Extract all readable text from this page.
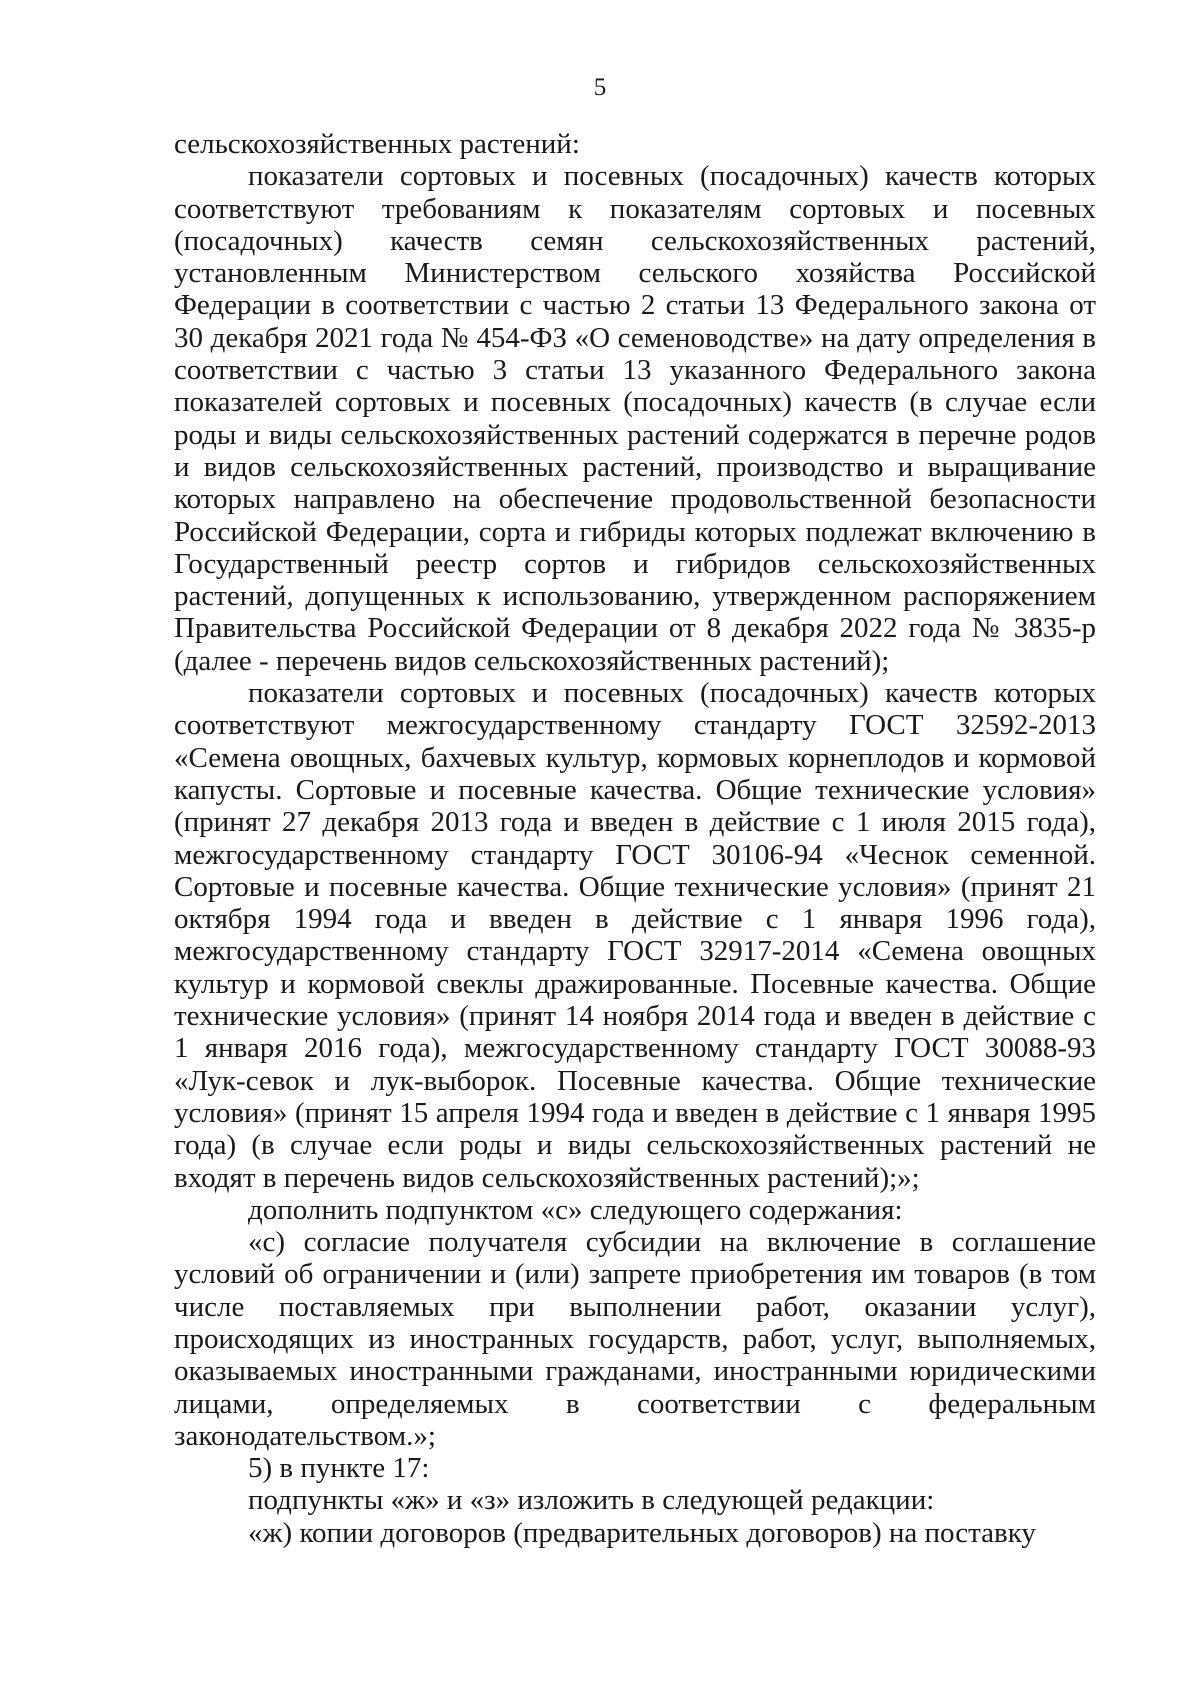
5

сельскохозяйственных растений:

показатели сортовых и посевных (посадочных) качеств которых соответствуют требованиям к показателям сортовых и посевных (посадочных) качеств семян сельскохозяйственных растений, установленным Министерством сельского хозяйства Российской Федерации в соответствии с частью 2 статьи 13 Федерального закона от 30 декабря 2021 года № 454-ФЗ «О семеноводстве» на дату определения в соответствии с частью 3 статьи 13 указанного Федерального закона показателей сортовых и посевных (посадочных) качеств (в случае если роды и виды сельскохозяйственных растений содержатся в перечне родов и видов сельскохозяйственных растений, производство и выращивание которых направлено на обеспечение продовольственной безопасности Российской Федерации, сорта и гибриды которых подлежат включению в Государственный реестр сортов и гибридов сельскохозяйственных растений, допущенных к использованию, утвержденном распоряжением Правительства Российской Федерации от 8 декабря 2022 года № 3835-р (далее - перечень видов сельскохозяйственных растений);

показатели сортовых и посевных (посадочных) качеств которых соответствуют межгосударственному стандарту ГОСТ 32592-2013 «Семена овощных, бахчевых культур, кормовых корнеплодов и кормовой капусты. Сортовые и посевные качества. Общие технические условия» (принят 27 декабря 2013 года и введен в действие с 1 июля 2015 года), межгосударственному стандарту ГОСТ 30106-94 «Чеснок семенной. Сортовые и посевные качества. Общие технические условия» (принят 21 октября 1994 года и введен в действие с 1 января 1996 года), межгосударственному стандарту ГОСТ 32917-2014 «Семена овощных культур и кормовой свеклы дражированные. Посевные качества. Общие технические условия» (принят 14 ноября 2014 года и введен в действие с 1 января 2016 года), межгосударственному стандарту ГОСТ 30088-93 «Лук-севок и лук-выборок. Посевные качества. Общие технические условия» (принят 15 апреля 1994 года и введен в действие с 1 января 1995 года) (в случае если роды и виды сельскохозяйственных растений не входят в перечень видов сельскохозяйственных растений);»;

дополнить подпунктом «с» следующего содержания:

«с) согласие получателя субсидии на включение в соглашение условий об ограничении и (или) запрете приобретения им товаров (в том числе поставляемых при выполнении работ, оказании услуг), происходящих из иностранных государств, работ, услуг, выполняемых, оказываемых иностранными гражданами, иностранными юридическими лицами, определяемых в соответствии с федеральным законодательством.»;

5) в пункте 17:

подпункты «ж» и «з» изложить в следующей редакции:

«ж) копии договоров (предварительных договоров) на поставку
